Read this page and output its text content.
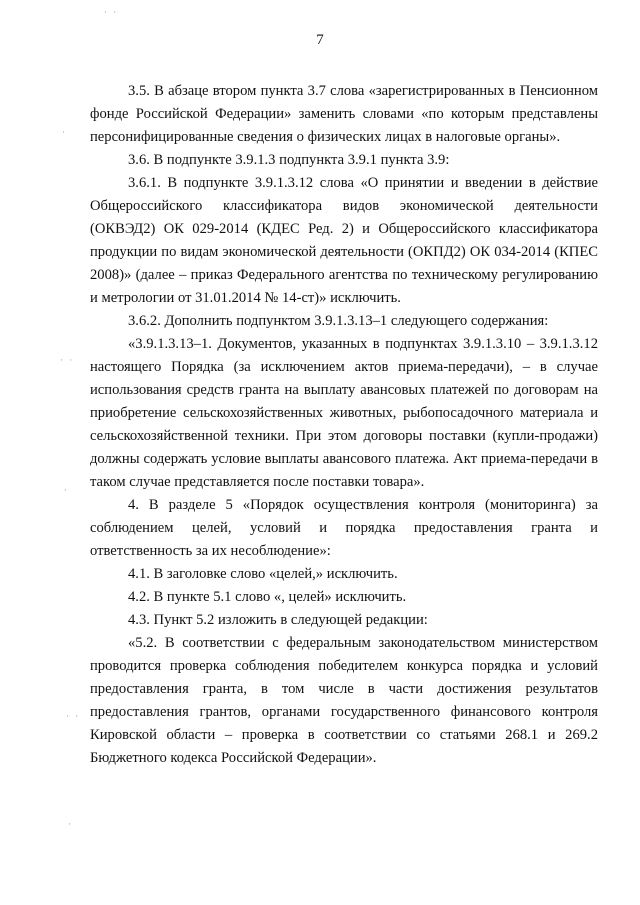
7
· ·
·
· ·
·
· ·
·

3.5. В абзаце втором пункта 3.7 слова «зарегистрированных в Пенсионном фонде Российской Федерации» заменить словами «по которым представлены персонифицированные сведения о физических лицах в налоговые органы».

3.6. В подпункте 3.9.1.3 подпункта 3.9.1 пункта 3.9:

3.6.1. В подпункте 3.9.1.3.12 слова «О принятии и введении в действие Общероссийского классификатора видов экономической деятельности (ОКВЭД2) ОК 029-2014 (КДЕС Ред. 2) и Общероссийского классификатора продукции по видам экономической деятельности (ОКПД2) ОК 034-2014 (КПЕС 2008)» (далее – приказ Федерального агентства по техническому регулированию и метрологии от 31.01.2014 № 14-ст)» исключить.

3.6.2. Дополнить подпунктом 3.9.1.3.13–1 следующего содержания:

«3.9.1.3.13–1. Документов, указанных в подпунктах 3.9.1.3.10 – 3.9.1.3.12 настоящего Порядка (за исключением актов приема-передачи), – в случае использования средств гранта на выплату авансовых платежей по договорам на приобретение сельскохозяйственных животных, рыбопосадочного материала и сельскохозяйственной техники. При этом договоры поставки (купли-продажи) должны содержать условие выплаты авансового платежа. Акт приема-передачи в таком случае представляется после поставки товара».

4. В разделе 5 «Порядок осуществления контроля (мониторинга) за соблюдением целей, условий и порядка предоставления гранта и ответственность за их несоблюдение»:

4.1. В заголовке слово «целей,» исключить.

4.2. В пункте 5.1 слово «, целей» исключить.

4.3. Пункт 5.2 изложить в следующей редакции:

«5.2. В соответствии с федеральным законодательством министерством проводится проверка соблюдения победителем конкурса порядка и условий предоставления гранта, в том числе в части достижения результатов предоставления грантов, органами государственного финансового контроля Кировской области – проверка в соответствии со статьями 268.1 и 269.2 Бюджетного кодекса Российской Федерации».
